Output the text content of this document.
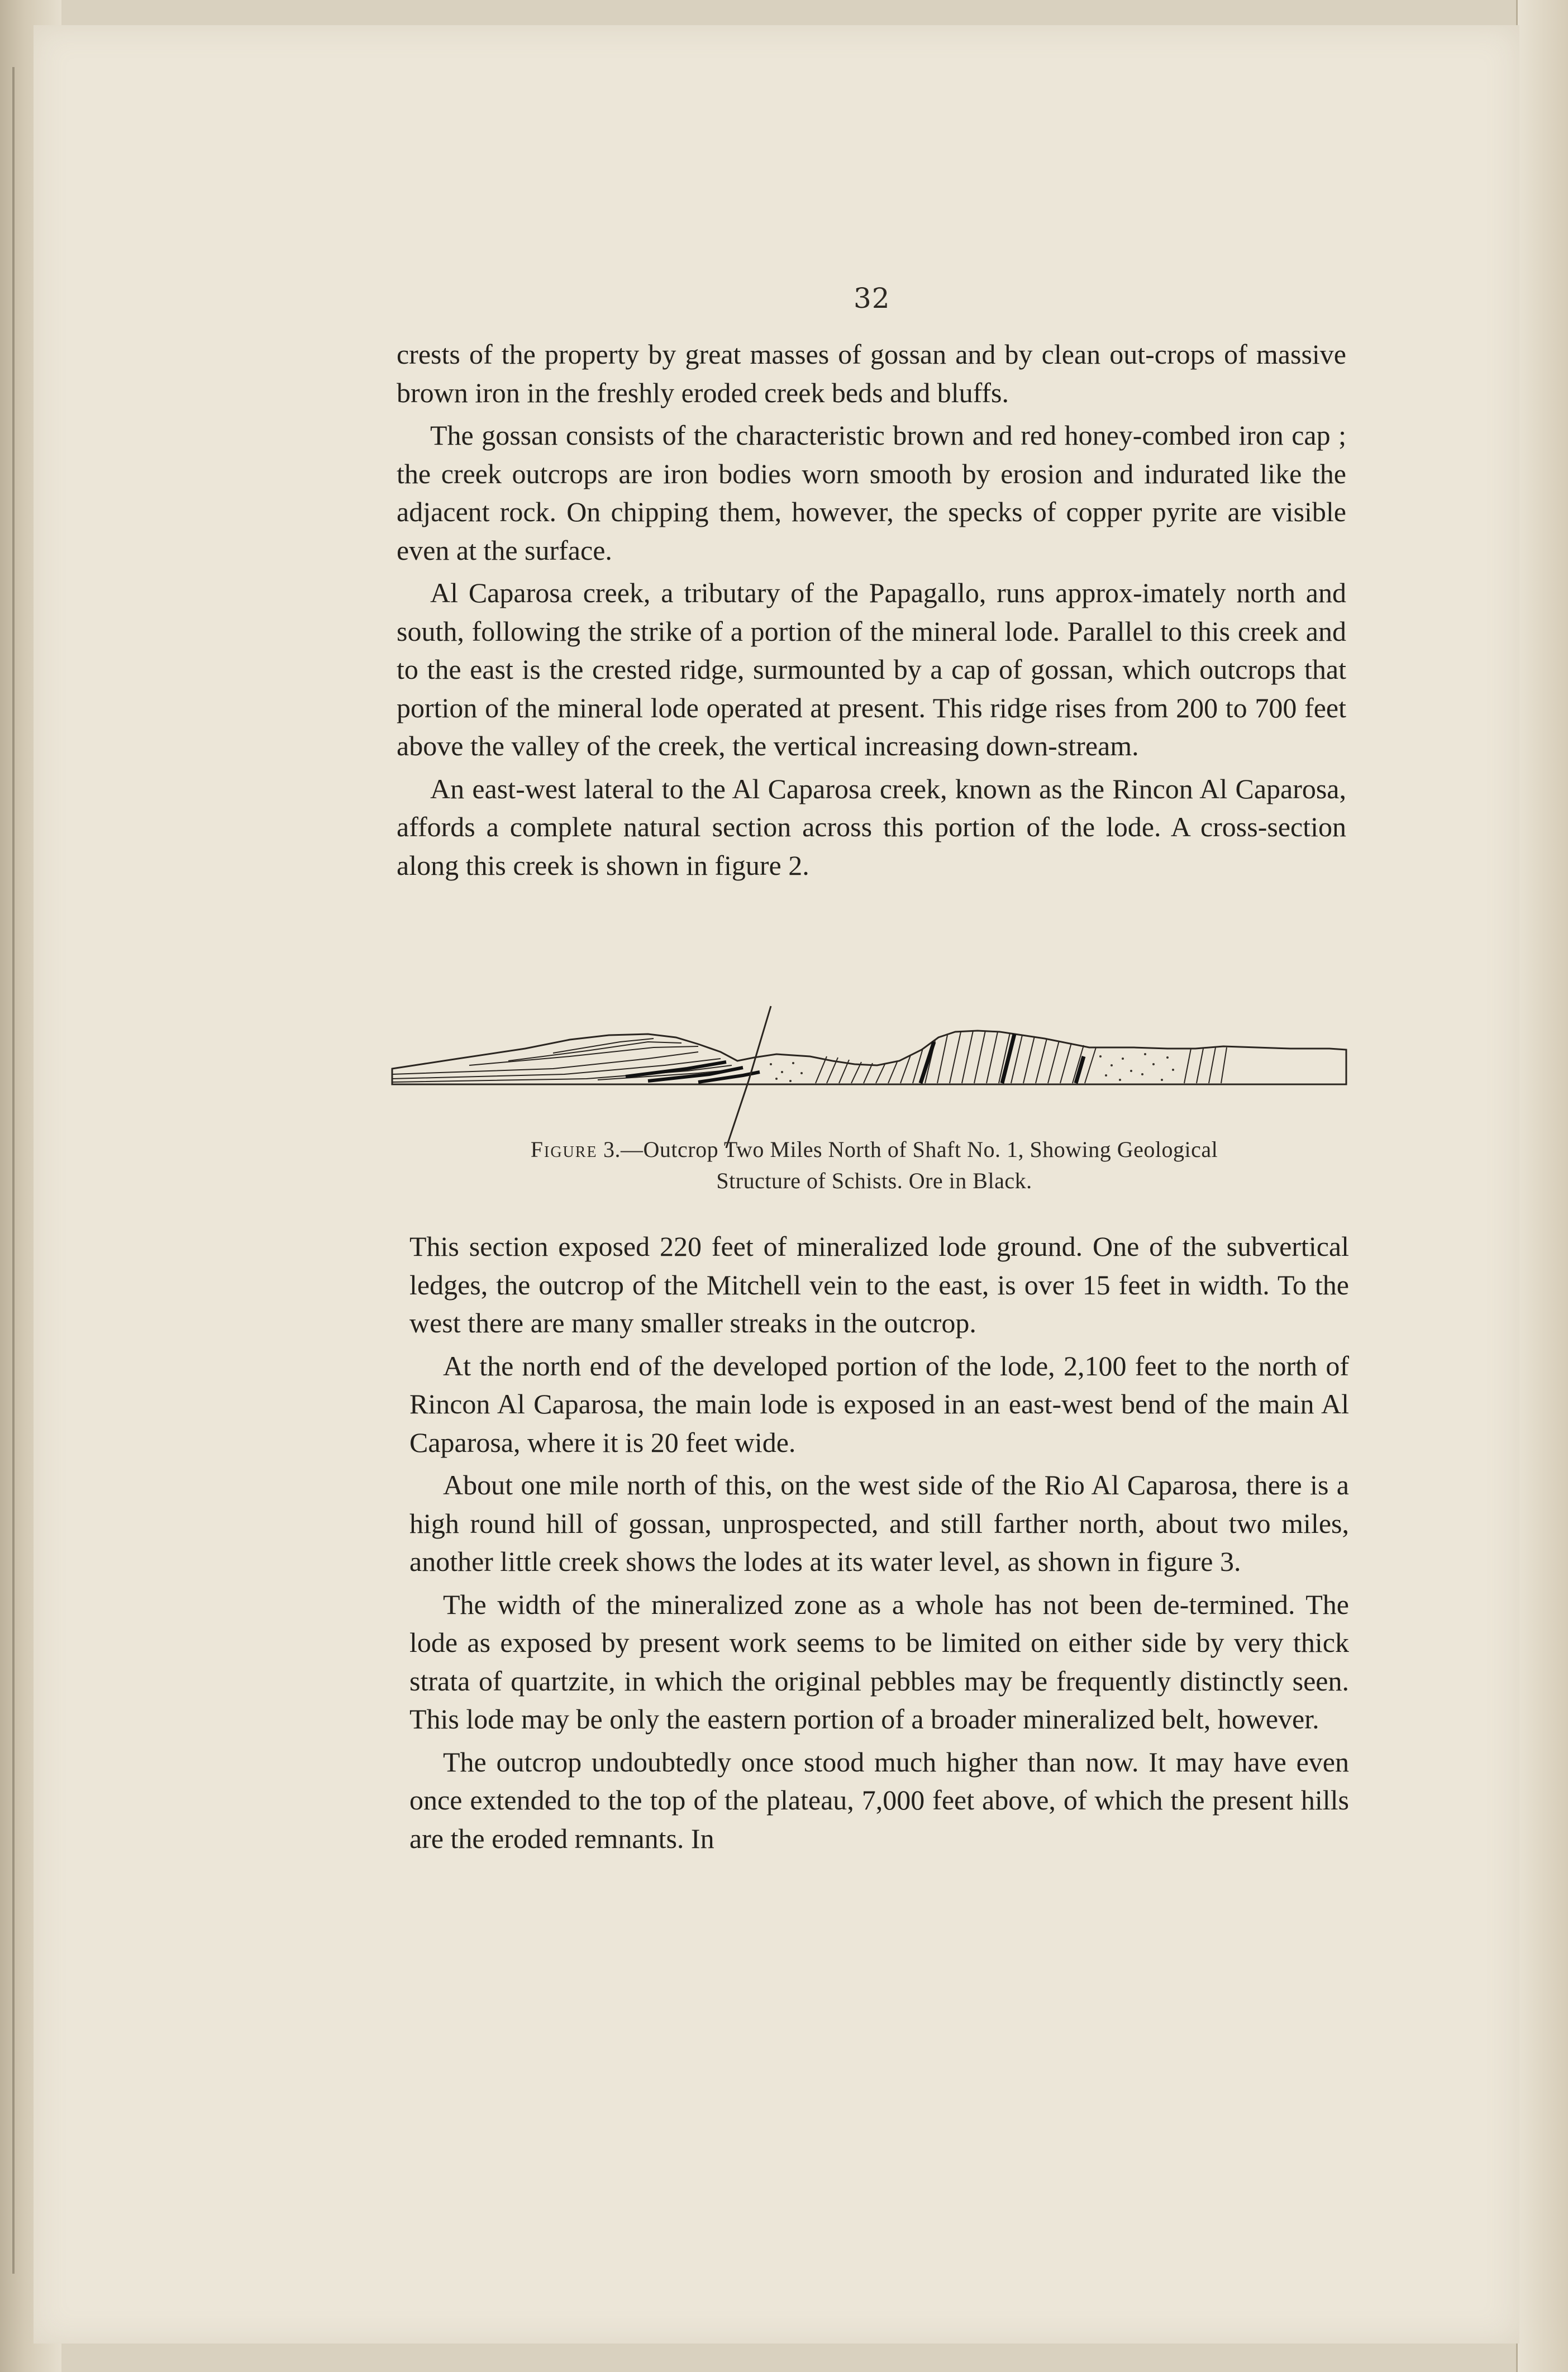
32

crests of the property by great masses of gossan and by clean out-crops of massive brown iron in the freshly eroded creek beds and bluffs.

The gossan consists of the characteristic brown and red honey-combed iron cap ; the creek outcrops are iron bodies worn smooth by erosion and indurated like the adjacent rock. On chipping them, however, the specks of copper pyrite are visible even at the surface.

Al Caparosa creek, a tributary of the Papagallo, runs approx-imately north and south, following the strike of a portion of the mineral lode. Parallel to this creek and to the east is the crested ridge, surmounted by a cap of gossan, which outcrops that portion of the mineral lode operated at present. This ridge rises from 200 to 700 feet above the valley of the creek, the vertical increasing down-stream.

An east-west lateral to the Al Caparosa creek, known as the Rincon Al Caparosa, affords a complete natural section across this portion of the lode. A cross-section along this creek is shown in figure 2.

Figure 3.—Outcrop Two Miles North of Shaft No. 1, Showing Geological
Structure of Schists. Ore in Black.

This section exposed 220 feet of mineralized lode ground. One of the subvertical ledges, the outcrop of the Mitchell vein to the east, is over 15 feet in width. To the west there are many smaller streaks in the outcrop.

At the north end of the developed portion of the lode, 2,100 feet to the north of Rincon Al Caparosa, the main lode is exposed in an east-west bend of the main Al Caparosa, where it is 20 feet wide.

About one mile north of this, on the west side of the Rio Al Caparosa, there is a high round hill of gossan, unprospected, and still farther north, about two miles, another little creek shows the lodes at its water level, as shown in figure 3.

The width of the mineralized zone as a whole has not been de-termined. The lode as exposed by present work seems to be limited on either side by very thick strata of quartzite, in which the original pebbles may be frequently distinctly seen. This lode may be only the eastern portion of a broader mineralized belt, however.

The outcrop undoubtedly once stood much higher than now. It may have even once extended to the top of the plateau, 7,000 feet above, of which the present hills are the eroded remnants. In
